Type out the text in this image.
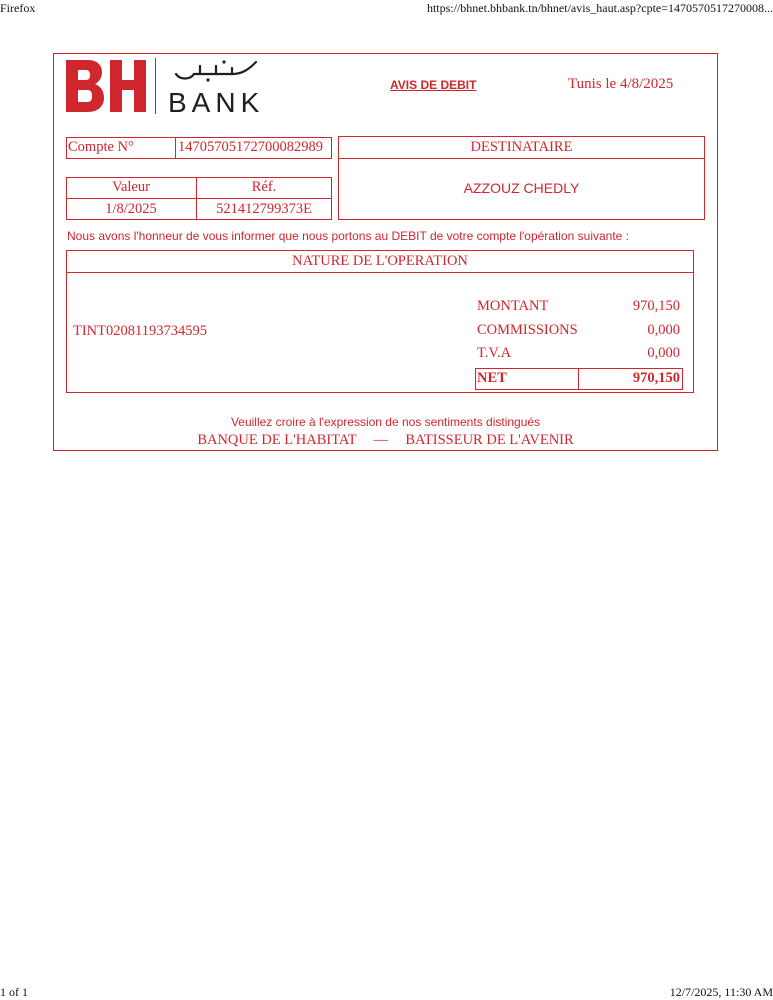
Firefox	https://bhnet.bhbank.tn/bhnet/avis_haut.asp?cpte=1470570517270008...
BANK
AVIS DE DEBIT	Tunis le 4/8/2025
Compte N°	14705705172700082989	DESTINATAIRE
AZZOUZ CHEDLY
Valeur	Réf.
1/8/2025	521412799373E
Nous avons l'honneur de vous informer que nous portons au DEBIT de votre compte l'opération suivante :
NATURE DE L'OPERATION
TINT02081193734595
MONTANT	970,150
COMMISSIONS	0,000
T.V.A	0,000
NET	970,150
Veuillez croire à l'expression de nos sentiments distingués
BANQUE DE L'HABITAT — BATISSEUR DE L'AVENIR
1 of 1	12/7/2025, 11:30 AM
